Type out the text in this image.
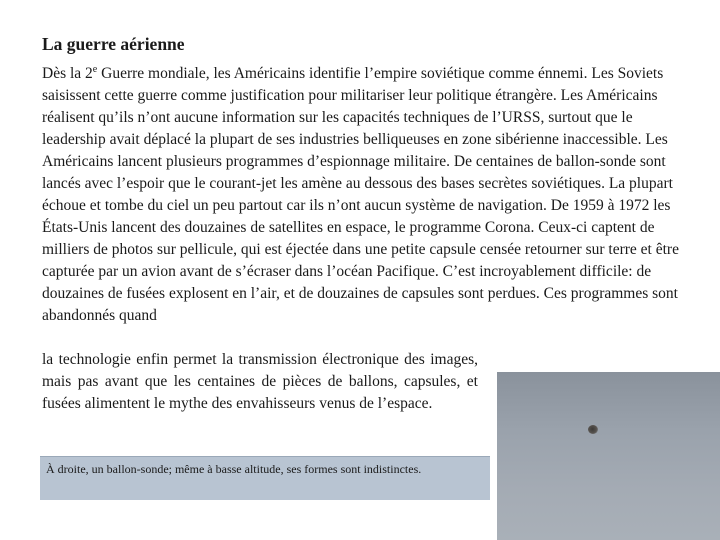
La guerre aérienne

Dès la 2e Guerre mondiale, les Américains identifie l’empire soviétique comme énnemi. Les Soviets saisissent cette guerre comme justification pour militariser leur politique étrangère. Les Américains réalisent qu’ils n’ont aucune information sur les capacités techniques de l’URSS, surtout que le leadership avait déplacé la plupart de ses industries belliqueuses en zone sibérienne inaccessible. Les Américains lancent plusieurs programmes d’espionnage militaire. De centaines de ballon-sonde sont lancés avec l’espoir que le courant-jet les amène au dessous des bases secrètes soviétiques. La plupart échoue et tombe du ciel un peu partout car ils n’ont aucun système de navigation. De 1959 à 1972 les États-Unis lancent des douzaines de satellites en espace, le programme Corona. Ceux-ci captent de milliers de photos sur pellicule, qui est éjectée dans une petite capsule censée retourner sur terre et être capturée par un avion avant de s’écraser dans l’océan Pacifique. C’est incroyablement difficile: de douzaines de fusées explosent en l’air, et de douzaines de capsules sont perdues. Ces programmes sont abandonnés quand

la technologie enfin permet la transmission électronique des images, mais pas avant que les centaines de pièces de ballons, capsules, et fusées alimentent le mythe des envahisseurs venus de l’espace.

À droite, un ballon-sonde; même à basse altitude, ses formes sont indistinctes.
